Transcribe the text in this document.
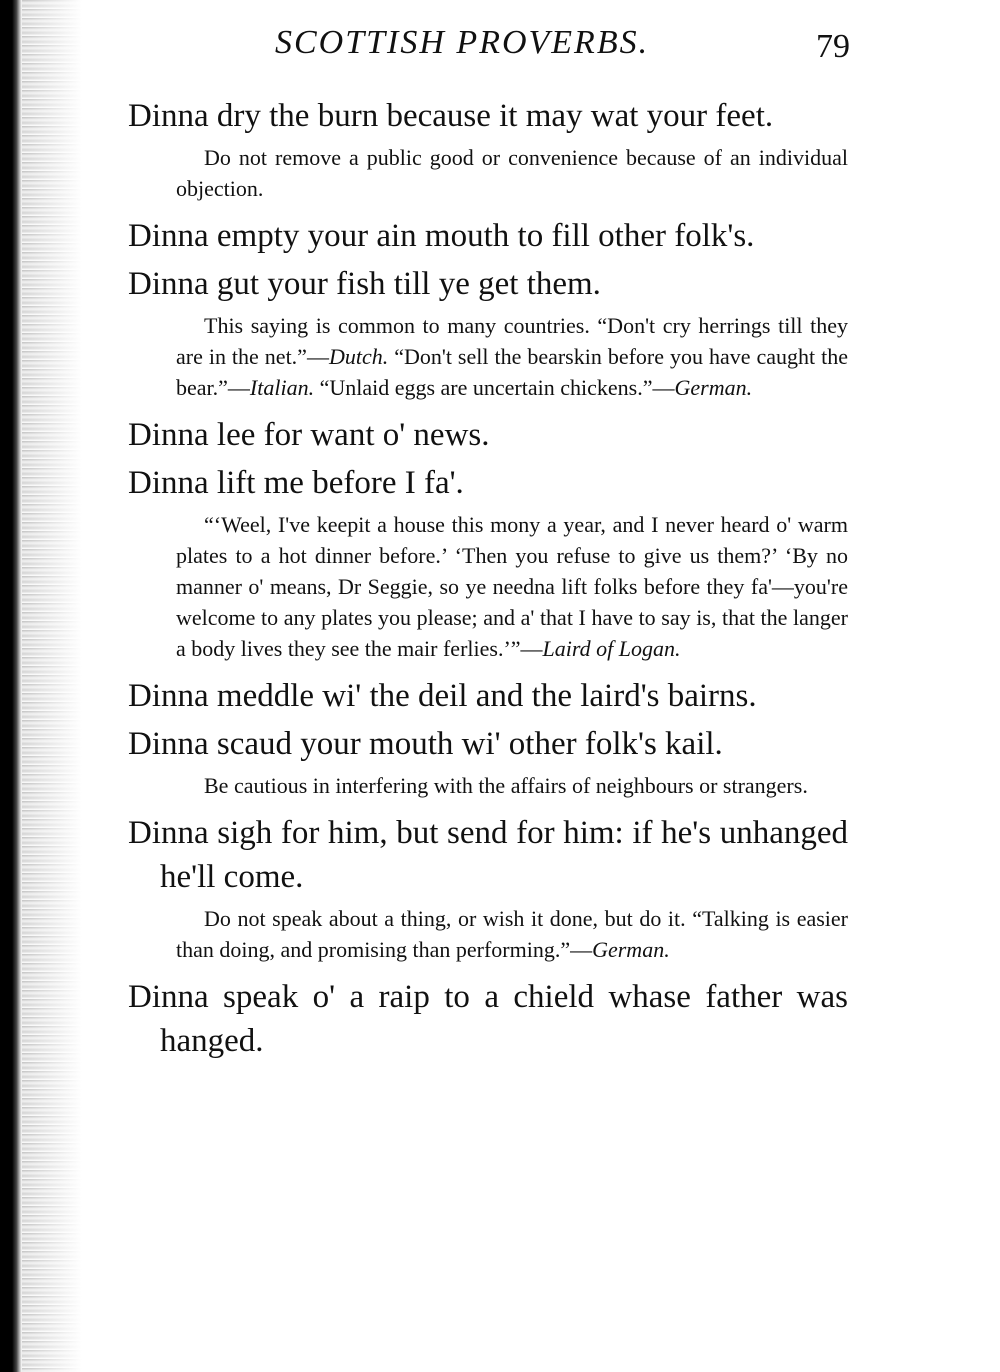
SCOTTISH PROVERBS.	79

Dinna dry the burn because it may wat your feet.

Do not remove a public good or convenience because of an individual objection.

Dinna empty your ain mouth to fill other folk's.

Dinna gut your fish till ye get them.

This saying is common to many countries. “Don't cry herrings till they are in the net.”—Dutch. “Don't sell the bearskin before you have caught the bear.”—Italian. “Unlaid eggs are uncertain chickens.”—German.

Dinna lee for want o' news.

Dinna lift me before I fa'.

“‘Weel, I've keepit a house this mony a year, and I never heard o' warm plates to a hot dinner before.’ ‘Then you refuse to give us them?’ ‘By no manner o' means, Dr Seggie, so ye needna lift folks before they fa'—you're welcome to any plates you please; and a' that I have to say is, that the langer a body lives they see the mair ferlies.’”—Laird of Logan.

Dinna meddle wi' the deil and the laird's bairns.

Dinna scaud your mouth wi' other folk's kail.

Be cautious in interfering with the affairs of neighbours or strangers.

Dinna sigh for him, but send for him: if he's unhanged he'll come.

Do not speak about a thing, or wish it done, but do it. “Talking is easier than doing, and promising than performing.”—German.

Dinna speak o' a raip to a chield whase father was hanged.
